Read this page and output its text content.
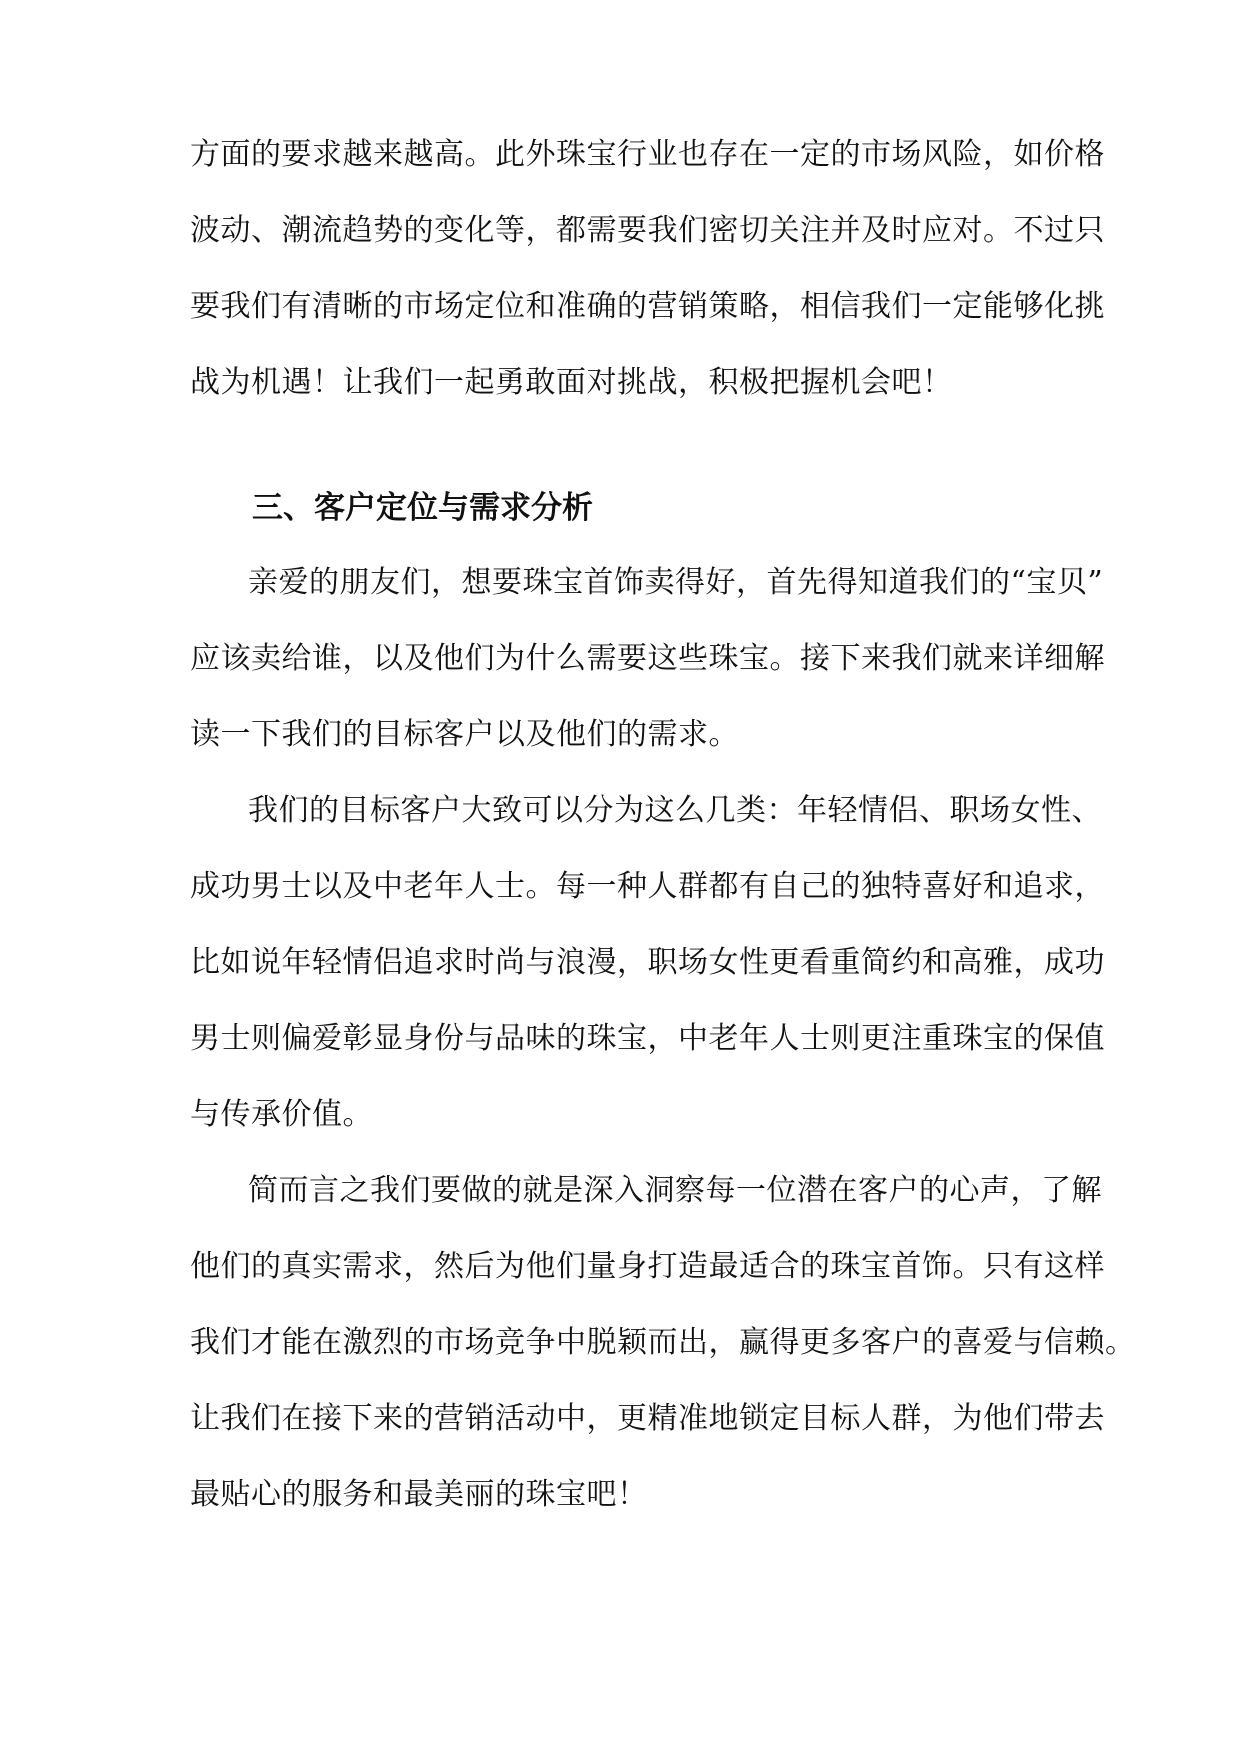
方面的要求越来越高。此外珠宝行业也存在一定的市场风险，如价格
波动、潮流趋势的变化等，都需要我们密切关注并及时应对。不过只
要我们有清晰的市场定位和准确的营销策略，相信我们一定能够化挑
战为机遇！让我们一起勇敢面对挑战，积极把握机会吧！
三、客户定位与需求分析
亲爱的朋友们，想要珠宝首饰卖得好，首先得知道我们的“宝贝”
应该卖给谁，以及他们为什么需要这些珠宝。接下来我们就来详细解
读一下我们的目标客户以及他们的需求。
我们的目标客户大致可以分为这么几类：年轻情侣、职场女性、
成功男士以及中老年人士。每一种人群都有自己的独特喜好和追求，
比如说年轻情侣追求时尚与浪漫，职场女性更看重简约和高雅，成功
男士则偏爱彰显身份与品味的珠宝，中老年人士则更注重珠宝的保值
与传承价值。
简而言之我们要做的就是深入洞察每一位潜在客户的心声，了解
他们的真实需求，然后为他们量身打造最适合的珠宝首饰。只有这样
我们才能在激烈的市场竞争中脱颖而出，赢得更多客户的喜爱与信赖。
让我们在接下来的营销活动中，更精准地锁定目标人群，为他们带去
最贴心的服务和最美丽的珠宝吧！
